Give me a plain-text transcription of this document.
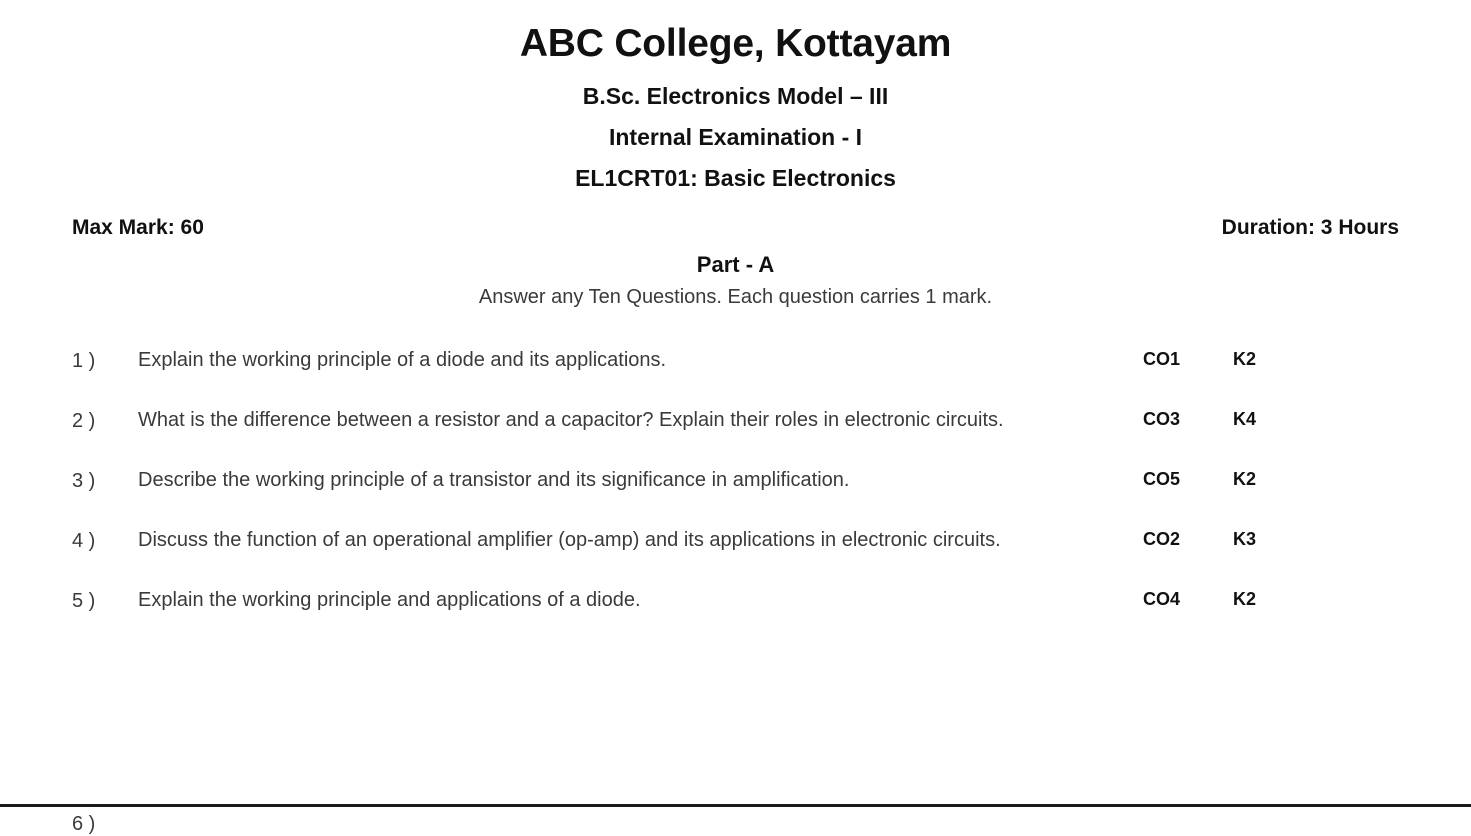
ABC College, Kottayam
B.Sc. Electronics Model – III
Internal Examination - I
EL1CRT01: Basic Electronics
Max Mark: 60	Duration: 3 Hours
Part - A
Answer any Ten Questions. Each question carries 1 mark.
1 )	Explain the working principle of a diode and its applications.	CO1	K2
2 )	What is the difference between a resistor and a capacitor? Explain their roles in electronic circuits.	CO3	K4
3 )	Describe the working principle of a transistor and its significance in amplification.	CO5	K2
4 )	Discuss the function of an operational amplifier (op-amp) and its applications in electronic circuits.	CO2	K3
5 )	Explain the working principle and applications of a diode.	CO4	K2
6 )
